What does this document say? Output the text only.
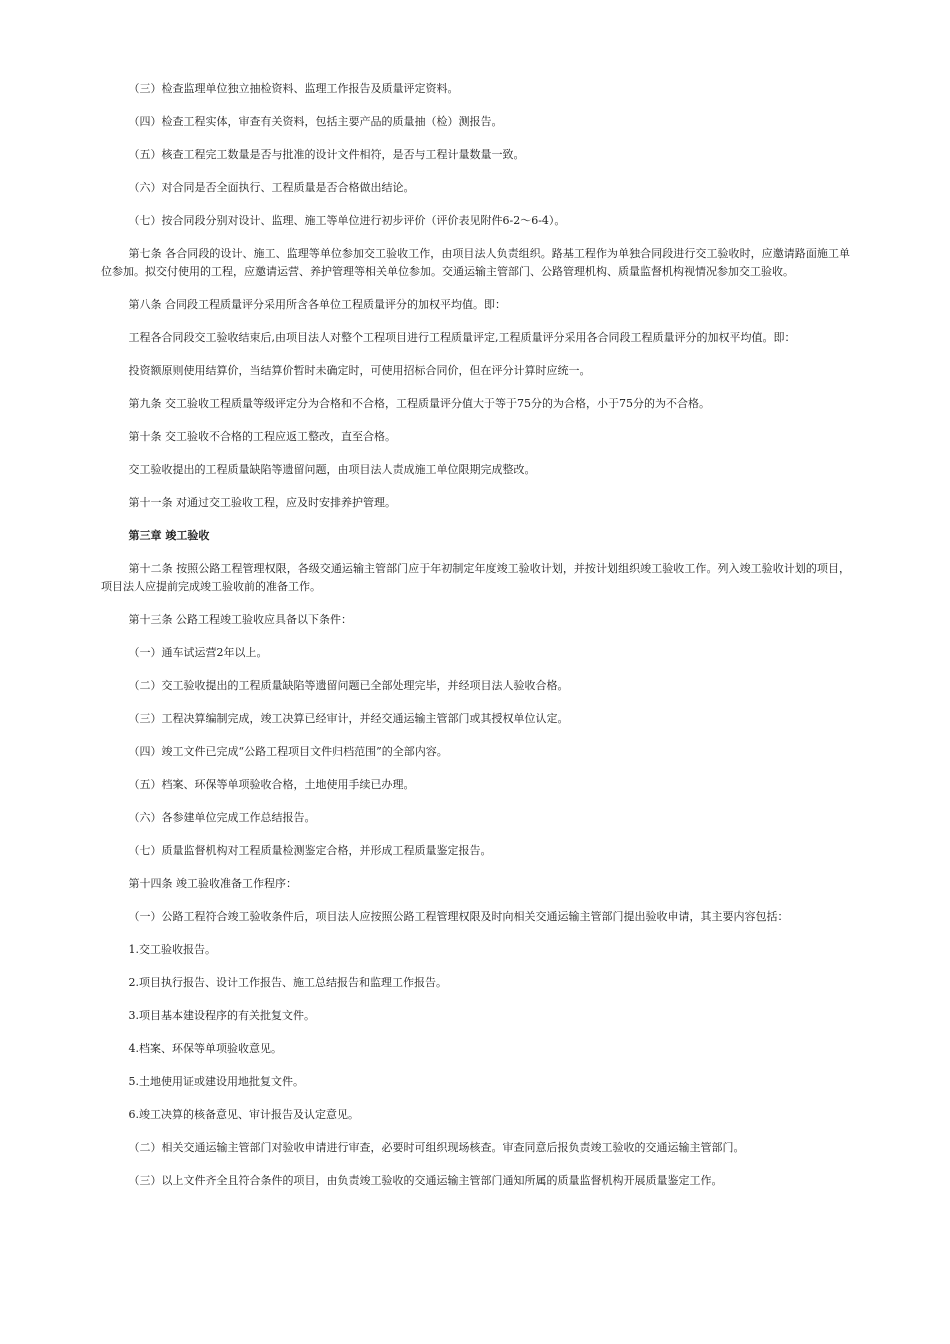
（三）检查监理单位独立抽检资料、监理工作报告及质量评定资料。

（四）检查工程实体，审查有关资料，包括主要产品的质量抽（检）测报告。

（五）核查工程完工数量是否与批准的设计文件相符，是否与工程计量数量一致。

（六）对合同是否全面执行、工程质量是否合格做出结论。

（七）按合同段分别对设计、监理、施工等单位进行初步评价（评价表见附件6-2～6-4）。

第七条 各合同段的设计、施工、监理等单位参加交工验收工作，由项目法人负责组织。路基工程作为单独合同段进行交工验收时，应邀请路面施工单位参加。拟交付使用的工程，应邀请运营、养护管理等相关单位参加。交通运输主管部门、公路管理机构、质量监督机构视情况参加交工验收。

第八条 合同段工程质量评分采用所含各单位工程质量评分的加权平均值。即：

工程各合同段交工验收结束后,由项目法人对整个工程项目进行工程质量评定,工程质量评分采用各合同段工程质量评分的加权平均值。即：

投资额原则使用结算价，当结算价暂时未确定时，可使用招标合同价，但在评分计算时应统一。

第九条 交工验收工程质量等级评定分为合格和不合格，工程质量评分值大于等于75分的为合格，小于75分的为不合格。

第十条 交工验收不合格的工程应返工整改，直至合格。

交工验收提出的工程质量缺陷等遗留问题，由项目法人责成施工单位限期完成整改。

第十一条 对通过交工验收工程，应及时安排养护管理。

第三章 竣工验收

第十二条 按照公路工程管理权限，各级交通运输主管部门应于年初制定年度竣工验收计划，并按计划组织竣工验收工作。列入竣工验收计划的项目，项目法人应提前完成竣工验收前的准备工作。

第十三条 公路工程竣工验收应具备以下条件：

（一）通车试运营2年以上。

（二）交工验收提出的工程质量缺陷等遗留问题已全部处理完毕，并经项目法人验收合格。

（三）工程决算编制完成，竣工决算已经审计，并经交通运输主管部门或其授权单位认定。

（四）竣工文件已完成“公路工程项目文件归档范围”的全部内容。

（五）档案、环保等单项验收合格，土地使用手续已办理。

（六）各参建单位完成工作总结报告。

（七）质量监督机构对工程质量检测鉴定合格，并形成工程质量鉴定报告。

第十四条 竣工验收准备工作程序：

（一）公路工程符合竣工验收条件后，项目法人应按照公路工程管理权限及时向相关交通运输主管部门提出验收申请，其主要内容包括：

1.交工验收报告。

2.项目执行报告、设计工作报告、施工总结报告和监理工作报告。

3.项目基本建设程序的有关批复文件。

4.档案、环保等单项验收意见。

5.土地使用证或建设用地批复文件。

6.竣工决算的核备意见、审计报告及认定意见。

（二）相关交通运输主管部门对验收申请进行审查，必要时可组织现场核查。审查同意后报负责竣工验收的交通运输主管部门。

（三）以上文件齐全且符合条件的项目，由负责竣工验收的交通运输主管部门通知所属的质量监督机构开展质量鉴定工作。
